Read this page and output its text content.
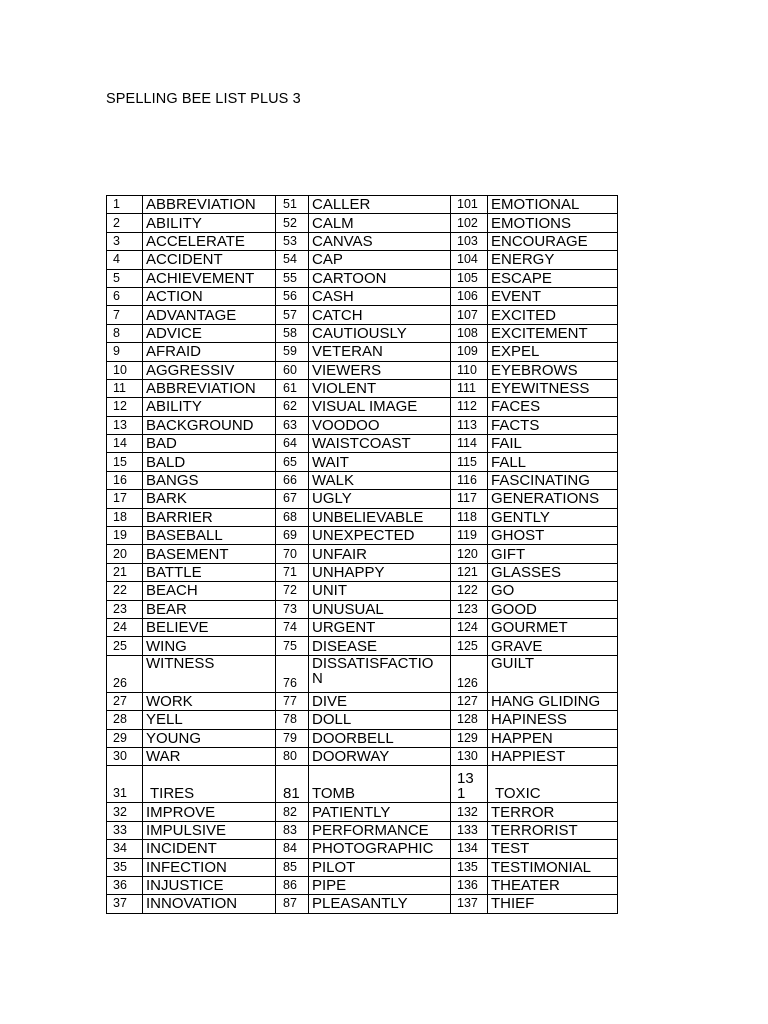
SPELLING BEE LIST PLUS 3
1	ABBREVIATION	51	CALLER	101	EMOTIONAL
2	ABILITY	52	CALM	102	EMOTIONS
3	ACCELERATE	53	CANVAS	103	ENCOURAGE
4	ACCIDENT	54	CAP	104	ENERGY
5	ACHIEVEMENT	55	CARTOON	105	ESCAPE
6	ACTION	56	CASH	106	EVENT
7	ADVANTAGE	57	CATCH	107	EXCITED
8	ADVICE	58	CAUTIOUSLY	108	EXCITEMENT
9	AFRAID	59	VETERAN	109	EXPEL
10	AGGRESSIV	60	VIEWERS	110	EYEBROWS
11	ABBREVIATION	61	VIOLENT	111	EYEWITNESS
12	ABILITY	62	VISUAL IMAGE	112	FACES
13	BACKGROUND	63	VOODOO	113	FACTS
14	BAD	64	WAISTCOAST	114	FAIL
15	BALD	65	WAIT	115	FALL
16	BANGS	66	WALK	116	FASCINATING
17	BARK	67	UGLY	117	GENERATIONS
18	BARRIER	68	UNBELIEVABLE	118	GENTLY
19	BASEBALL	69	UNEXPECTED	119	GHOST
20	BASEMENT	70	UNFAIR	120	GIFT
21	BATTLE	71	UNHAPPY	121	GLASSES
22	BEACH	72	UNIT	122	GO
23	BEAR	73	UNUSUAL	123	GOOD
24	BELIEVE	74	URGENT	124	GOURMET
25	WING	75	DISEASE	125	GRAVE
26	WITNESS	76	DISSATISFACTIO N	126	GUILT
27	WORK	77	DIVE	127	HANG GLIDING
28	YELL	78	DOLL	128	HAPINESS
29	YOUNG	79	DOORBELL	129	HAPPEN
30	WAR	80	DOORWAY	130	HAPPIEST
31	TIRES	81	TOMB	13 1	TOXIC
32	IMPROVE	82	PATIENTLY	132	TERROR
33	IMPULSIVE	83	PERFORMANCE	133	TERRORIST
34	INCIDENT	84	PHOTOGRAPHIC	134	TEST
35	INFECTION	85	PILOT	135	TESTIMONIAL
36	INJUSTICE	86	PIPE	136	THEATER
37	INNOVATION	87	PLEASANTLY	137	THIEF
